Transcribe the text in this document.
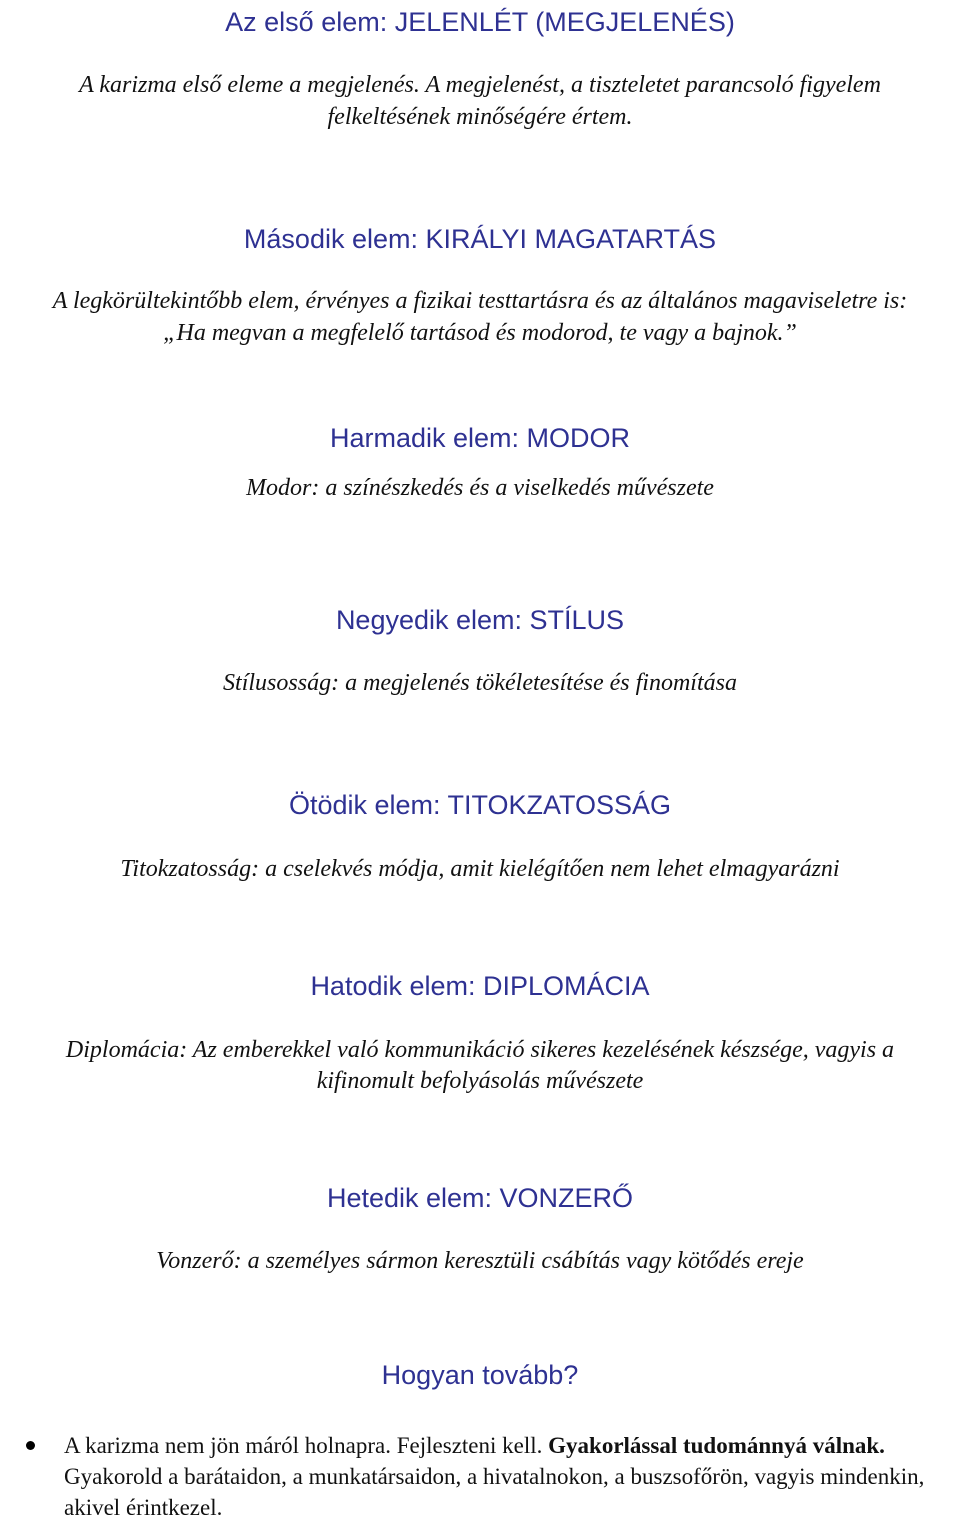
Az első elem: JELENLÉT (MEGJELENÉS)

A karizma első eleme a megjelenés. A megjelenést, a tiszteletet parancsoló figyelem

felkeltésének minőségére értem.

Második elem: KIRÁLYI MAGATARTÁS

A legkörültekintőbb elem, érvényes a fizikai testtartásra és az általános magaviseletre is:

„Ha megvan a megfelelő tartásod és modorod, te vagy a bajnok.”

Harmadik elem: MODOR

Modor: a színészkedés és a viselkedés művészete

Negyedik elem: STÍLUS

Stílusosság: a megjelenés tökéletesítése és finomítása

Ötödik elem: TITOKZATOSSÁG

Titokzatosság: a cselekvés módja, amit kielégítően nem lehet elmagyarázni

Hatodik elem: DIPLOMÁCIA

Diplomácia: Az emberekkel való kommunikáció sikeres kezelésének készsége, vagyis a

kifinomult befolyásolás művészete

Hetedik elem: VONZERŐ

Vonzerő: a személyes sármon keresztüli csábítás vagy kötődés ereje

Hogyan tovább?

A karizma nem jön máról holnapra. Fejleszteni kell. Gyakorlással tudománnyá válnak. Gyakorold a barátaidon, a munkatársaidon, a hivatalnokon, a buszsofőrön, vagyis mindenkin, akivel érintkezel.
